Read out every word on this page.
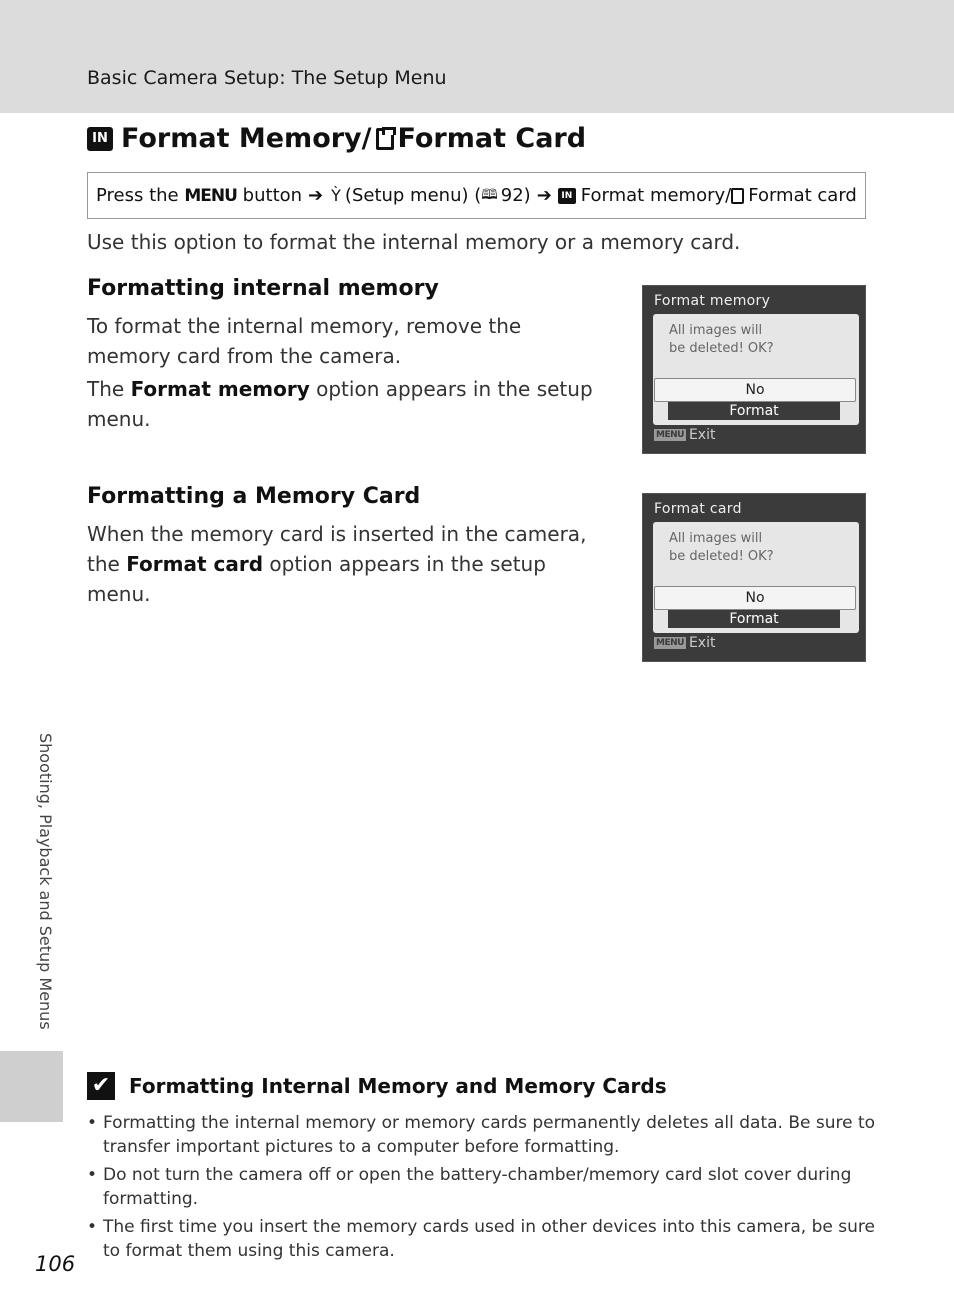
Basic Camera Setup: The Setup Menu
IN Format Memory/ Format Card
Press the
MENU
button ➔ Ỳ (Setup menu) ( 🕮 92) ➔	IN Format memory/ Format card
Use this option to format the internal memory or a memory card.
Formatting internal memory
To format the internal memory, remove the memory card from the camera.
The Format memory option appears in the setup menu.
Format memory
All images will
be deleted! OK?
No
Format
MENU Exit
Formatting a Memory Card
When the memory card is inserted in the camera, the Format card option appears in the setup menu.
Format card
All images will
be deleted! OK?
No
Format
MENU Exit
Shooting, Playback and Setup Menus
✔ Formatting Internal Memory and Memory Cards
• Formatting the internal memory or memory cards permanently deletes all data. Be sure to transfer important pictures to a computer before formatting.
• Do not turn the camera off or open the battery-chamber/memory card slot cover during formatting.
• The first time you insert the memory cards used in other devices into this camera, be sure to format them using this camera.
106
